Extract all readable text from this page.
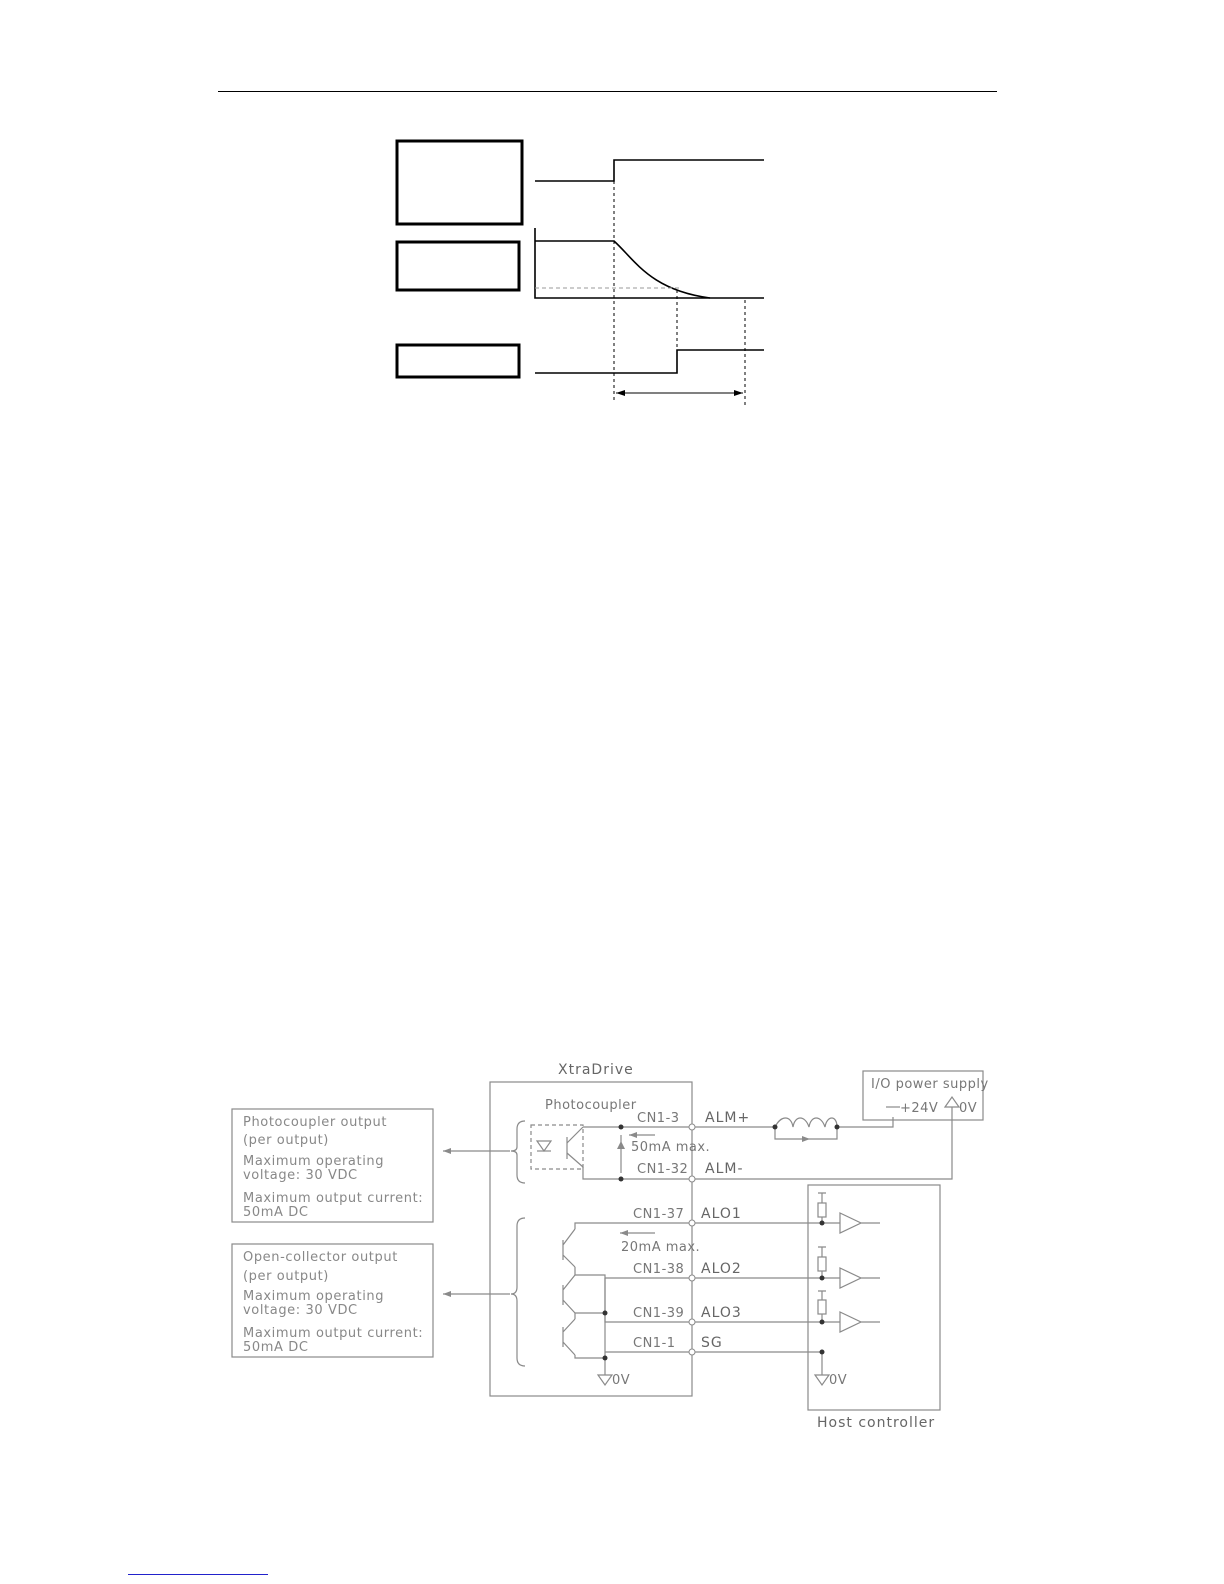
XtraDrive
Photocoupler
I/O power supply
+24V 0V
Host controller
0V	0V
Photocoupler output
(per output)
Maximum operating
voltage: 30 VDC
Maximum output current:
50mA DC
Open-collector output
(per output)
Maximum operating
voltage: 30 VDC
Maximum output current:
50mA DC
50mA max.
20mA max.
CN1-3
CN1-32
CN1-37
CN1-38
CN1-39
CN1-1
ALM+
ALM-
ALO1
ALO2
ALO3
SG
